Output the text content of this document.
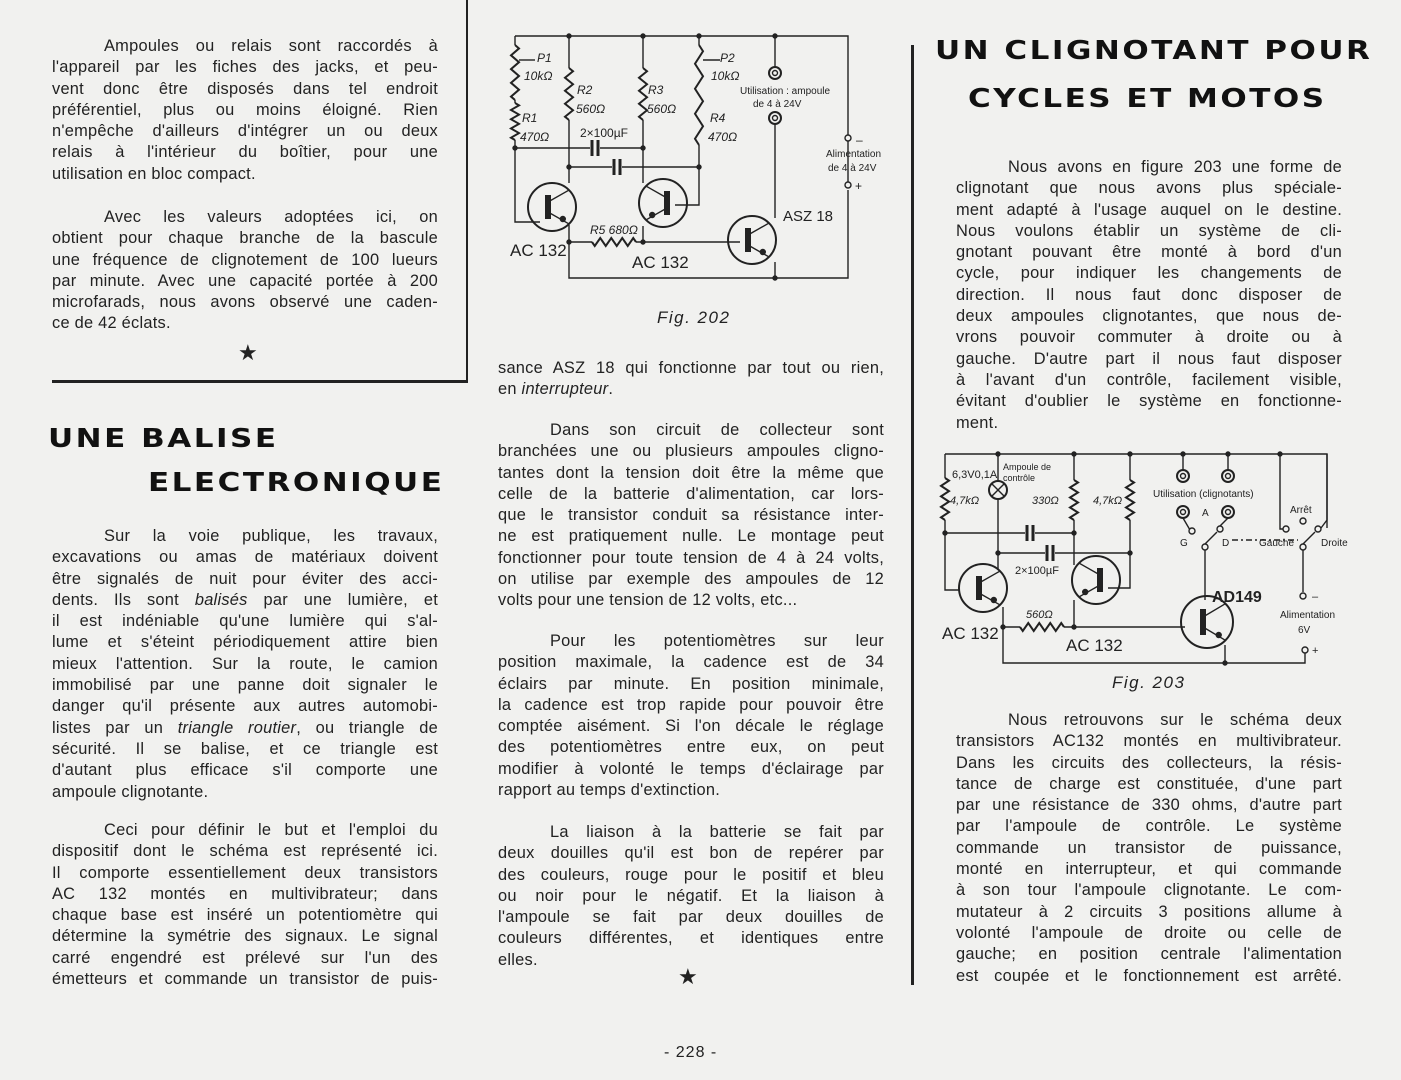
Ampoules ou relais sont raccordés à
l'appareil par les fiches des jacks, et peu-
vent donc être disposés dans tel endroit
préférentiel, plus ou moins éloigné. Rien
n'empêche d'ailleurs d'intégrer un ou deux
relais à l'intérieur du boîtier, pour une
utilisation en bloc compact.
Avec les valeurs adoptées ici, on
obtient pour chaque branche de la bascule
une fréquence de clignotement de 100 lueurs
par minute. Avec une capacité portée à 200
microfarads, nous avons observé une caden-
ce de 42 éclats.
★
UNE BALISE
ELECTRONIQUE
Sur la voie publique, les travaux,
excavations ou amas de matériaux doivent
être signalés de nuit pour éviter des acci-
dents. Ils sont balisés par une lumière, et
il est indéniable qu'une lumière qui s'al-
lume et s'éteint périodiquement attire bien
mieux l'attention. Sur la route, le camion
immobilisé par une panne doit signaler le
danger qu'il présente aux autres automobi-
listes par un triangle routier, ou triangle de
sécurité. Il se balise, et ce triangle est
d'autant plus efficace s'il comporte une
ampoule clignotante.
Ceci pour définir le but et l'emploi du
dispositif dont le schéma est représenté ici.
Il comporte essentiellement deux transistors
AC 132 montés en multivibrateur; dans
chaque base est inséré un potentiomètre qui
détermine la symétrie des signaux. Le signal
carré engendré est prélevé sur l'un des
émetteurs et commande un transistor de puis-
sance ASZ 18 qui fonctionne par tout ou rien,
en interrupteur.
Dans son circuit de collecteur sont
branchées une ou plusieurs ampoules cligno-
tantes dont la tension doit être la même que
celle de la batterie d'alimentation, car lors-
que le transistor conduit sa résistance inter-
ne est pratiquement nulle. Le montage peut
fonctionner pour toute tension de 4 à 24 volts,
on utilise par exemple des ampoules de 12
volts pour une tension de 12 volts, etc...
Pour les potentiomètres sur leur
position maximale, la cadence est de 34
éclairs par minute. En position minimale,
la cadence est trop rapide pour pouvoir être
comptée aisément. Si l'on décale le réglage
des potentiomètres entre eux, on peut
modifier à volonté le temps d'éclairage par
rapport au temps d'extinction.
La liaison à la batterie se fait par
deux douilles qu'il est bon de repérer par
des couleurs, rouge pour le positif et bleu
ou noir pour le négatif. Et la liaison à
l'ampoule se fait par deux douilles de
couleurs différentes, et identiques entre
elles.
★
Fig. 202
UN CLIGNOTANT POUR
CYCLES ET MOTOS
Nous avons en figure 203 une forme de
clignotant que nous avons plus spéciale-
ment adapté à l'usage auquel on le destine.
Nous voulons établir un système de cli-
gnotant pouvant être monté à bord d'un
cycle, pour indiquer les changements de
direction. Il nous faut donc disposer de
deux ampoules clignotantes, que nous de-
vrons pouvoir commuter à droite ou à
gauche. D'autre part il nous faut disposer
à l'avant d'un contrôle, facilement visible,
évitant d'oublier le système en fonctionne-
ment.
Nous retrouvons sur le schéma deux
transistors AC132 montés en multivibrateur.
Dans les circuits des collecteurs, la résis-
tance de charge est constituée, d'une part
par une résistance de 330 ohms, d'autre part
par l'ampoule de contrôle. Le système
commande un transistor de puissance,
monté en interrupteur, et qui commande
à son tour l'ampoule clignotante. Le com-
mutateur à 2 circuits 3 positions allume à
volonté l'ampoule de droite ou celle de
gauche; en position centrale l'alimentation
est coupée et le fonctionnement est arrêté.
Fig. 203
- 228 -
P1
10kΩ
R1
470Ω
R2
560Ω
R3
560Ω
2×100µF
P2
10kΩ
R4
470Ω
Utilisation : ampoule
de 4 à 24V
Alimentation
de 4 à 24V
–
+
ASZ 18
R5 680Ω
AC 132
AC 132
6,3V0,1A
Ampoule de
contrôle
4,7kΩ	330Ω	4,7kΩ
Utilisation (clignotants)
A
G	D	Gauche	Droite
Arrêt
2×100µF
AD149
Alimentation
6V
–
+
560Ω
AC 132
AC 132
